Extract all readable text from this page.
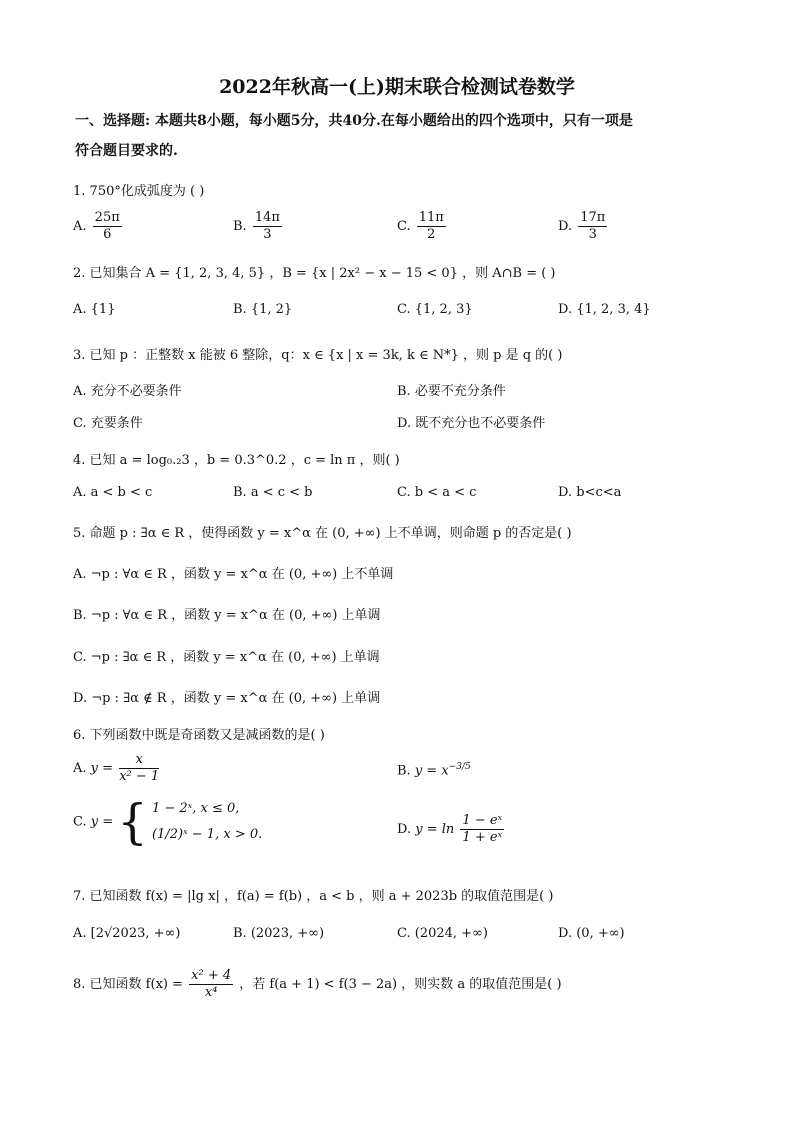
2022年秋高一(上)期末联合检测试卷数学
一、选择题: 本题共8小题，每小题5分，共40分.在每小题给出的四个选项中，只有一项是
符合题目要求的.
1. 750°化成弧度为 ( )
A. $\frac{25\pi}{6}$	B. $\frac{14\pi}{3}$	C. $\frac{11\pi}{2}$	D. $\frac{17\pi}{3}$
2. 已知集合 A = {1, 2, 3, 4, 5} ，B = {x | 2x² − x − 15 < 0} ，则 A∩B = ( )
A. {1}	B. {1, 2}	C. {1, 2, 3}	D. {1, 2, 3, 4}
3. 已知 p ：正整数 x 能被 6 整除，q：x ∈ {x | x = 3k, k ∈ N*} ，则 p 是 q 的( )
A. 充分不必要条件	B. 必要不充分条件
C. 充要条件	D. 既不充分也不必要条件
4. 已知 a = log₀.₂3 ，b = 0.3^0.2 ，c = ln π ，则( )
A. a < b < c	B. a < c < b	C. b < a < c	D. b<c<a
5. 命题 p : ∃α ∈ R ，使得函数 y = x^α 在 (0, +∞) 上不单调，则命题 p 的否定是( )
A. ¬p : ∀α ∈ R ，函数 y = x^α 在 (0, +∞) 上不单调
B. ¬p : ∀α ∈ R ，函数 y = x^α 在 (0, +∞) 上单调
C. ¬p : ∃α ∈ R ，函数 y = x^α 在 (0, +∞) 上单调
D. ¬p : ∃α ∉ R ，函数 y = x^α 在 (0, +∞) 上单调
6. 下列函数中既是奇函数又是减函数的是( )
A. $y = \frac{x}{\text{x² − 1}}$	B. $y = x^{-3/5}$
C. y = { 1 − 2ˣ, x ≤ 0,
(1/2)ˣ − 1, x > 0.	D. $y = \ln \frac{\text{1 − eˣ}}{\text{1 + eˣ}}$
7. 已知函数 f(x) = |lg x| ，f(a) = f(b) ，a < b ，则 a + 2023b 的取值范围是( )
A. [2√2023, +∞)	B. (2023, +∞)	C. (2024, +∞)	D. (0, +∞)
8. 已知函数 $f(x) = \frac{\text{x² + 4}}{\text{x⁴}}$ ，若 f(a + 1) < f(3 − 2a) ，则实数 a 的取值范围是( )
